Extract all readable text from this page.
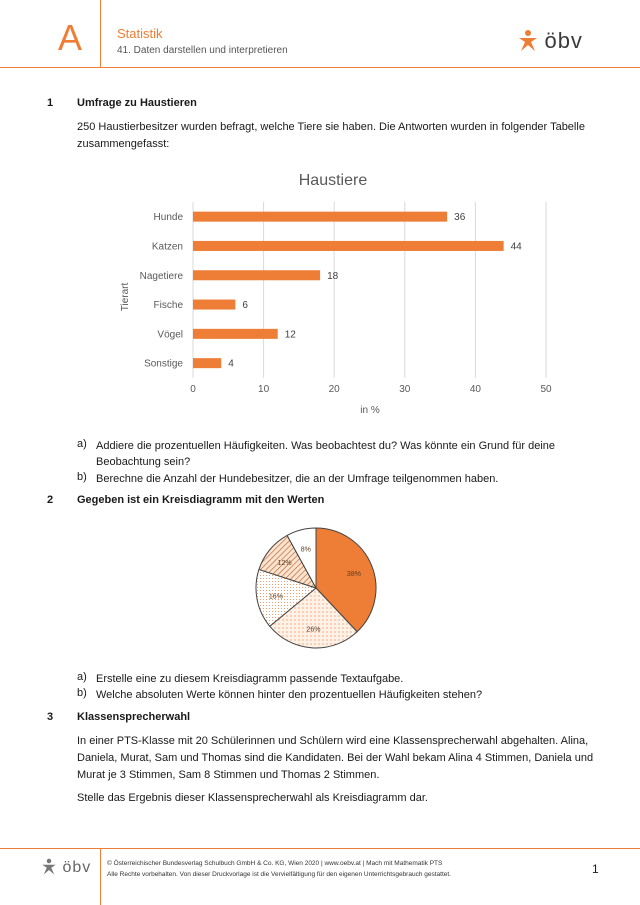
A	Statistik
41. Daten darstellen und interpretieren	öbv
1 Umfrage zu Haustieren
250 Haustierbesitzer wurden befragt, welche Tiere sie haben. Die Antworten wurden in folgender Tabelle
zusammengefasst:
Haustiere
Tierart
in %
0	10	20	30	40	50
Hunde	36
Katzen	44
Nagetiere	18
Fische	6
Vögel	12
Sonstige	4
a) Addiere die prozentuellen Häufigkeiten. Was beobachtest du? Was könnte ein Grund für deine
Beobachtung sein?
b) Berechne die Anzahl der Hundebesitzer, die an der Umfrage teilgenommen haben.
2 Gegeben ist ein Kreisdiagramm mit den Werten
38%
26%
16%
12%
8%
a) Erstelle eine zu diesem Kreisdiagramm passende Textaufgabe.
b) Welche absoluten Werte können hinter den prozentuellen Häufigkeiten stehen?
3 Klassensprecherwahl
In einer PTS-Klasse mit 20 Schülerinnen und Schülern wird eine Klassensprecherwahl abgehalten. Alina,
Daniela, Murat, Sam und Thomas sind die Kandidaten. Bei der Wahl bekam Alina 4 Stimmen, Daniela und
Murat je 3 Stimmen, Sam 8 Stimmen und Thomas 2 Stimmen.
Stelle das Ergebnis dieser Klassensprecherwahl als Kreisdiagramm dar.
öbv © Österreichischer Bundesverlag Schulbuch GmbH & Co. KG, Wien 2020 | www.oebv.at | Mach mit Mathematik PTS
Alle Rechte vorbehalten. Von dieser Druckvorlage ist die Vervielfältigung für den eigenen Unterrichtsgebrauch gestattet.	1
